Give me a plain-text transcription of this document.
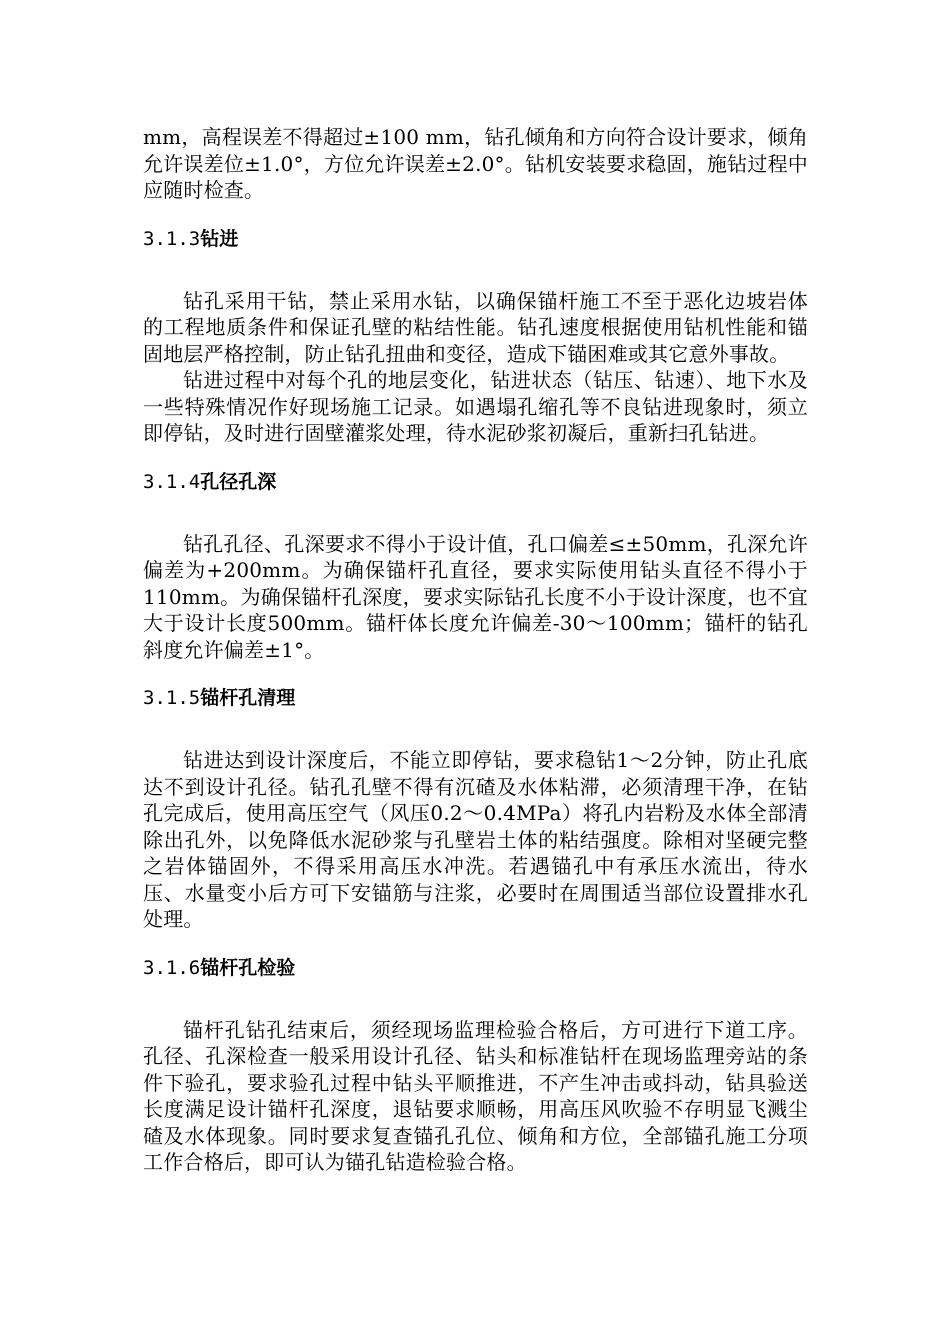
mm，高程误差不得超过±100 mm，钻孔倾角和方向符合设计要求，倾角允许误差位±1.0°，方位允许误差±2.0°。钻机安装要求稳固，施钻过程中应随时检查。

3.1.3钻进

钻孔采用干钻，禁止采用水钻，以确保锚杆施工不至于恶化边坡岩体的工程地质条件和保证孔壁的粘结性能。钻孔速度根据使用钻机性能和锚固地层严格控制，防止钻孔扭曲和变径，造成下锚困难或其它意外事故。

钻进过程中对每个孔的地层变化，钻进状态（钻压、钻速）、地下水及一些特殊情况作好现场施工记录。如遇塌孔缩孔等不良钻进现象时，须立即停钻，及时进行固壁灌浆处理，待水泥砂浆初凝后，重新扫孔钻进。

3.1.4孔径孔深

钻孔孔径、孔深要求不得小于设计值，孔口偏差≤±50mm，孔深允许偏差为+200mm。为确保锚杆孔直径，要求实际使用钻头直径不得小于110mm。为确保锚杆孔深度，要求实际钻孔长度不小于设计深度，也不宜大于设计长度500mm。锚杆体长度允许偏差-30～100mm；锚杆的钻孔斜度允许偏差±1°。

3.1.5锚杆孔清理

钻进达到设计深度后，不能立即停钻，要求稳钻1～2分钟，防止孔底达不到设计孔径。钻孔孔壁不得有沉碴及水体粘滞，必须清理干净，在钻孔完成后，使用高压空气（风压0.2～0.4MPa）将孔内岩粉及水体全部清除出孔外，以免降低水泥砂浆与孔壁岩土体的粘结强度。除相对坚硬完整之岩体锚固外，不得采用高压水冲洗。若遇锚孔中有承压水流出，待水压、水量变小后方可下安锚筋与注浆，必要时在周围适当部位设置排水孔处理。

3.1.6锚杆孔检验

锚杆孔钻孔结束后，须经现场监理检验合格后，方可进行下道工序。孔径、孔深检查一般采用设计孔径、钻头和标准钻杆在现场监理旁站的条件下验孔，要求验孔过程中钻头平顺推进，不产生冲击或抖动，钻具验送长度满足设计锚杆孔深度，退钻要求顺畅，用高压风吹验不存明显飞溅尘碴及水体现象。同时要求复查锚孔孔位、倾角和方位，全部锚孔施工分项工作合格后，即可认为锚孔钻造检验合格。
